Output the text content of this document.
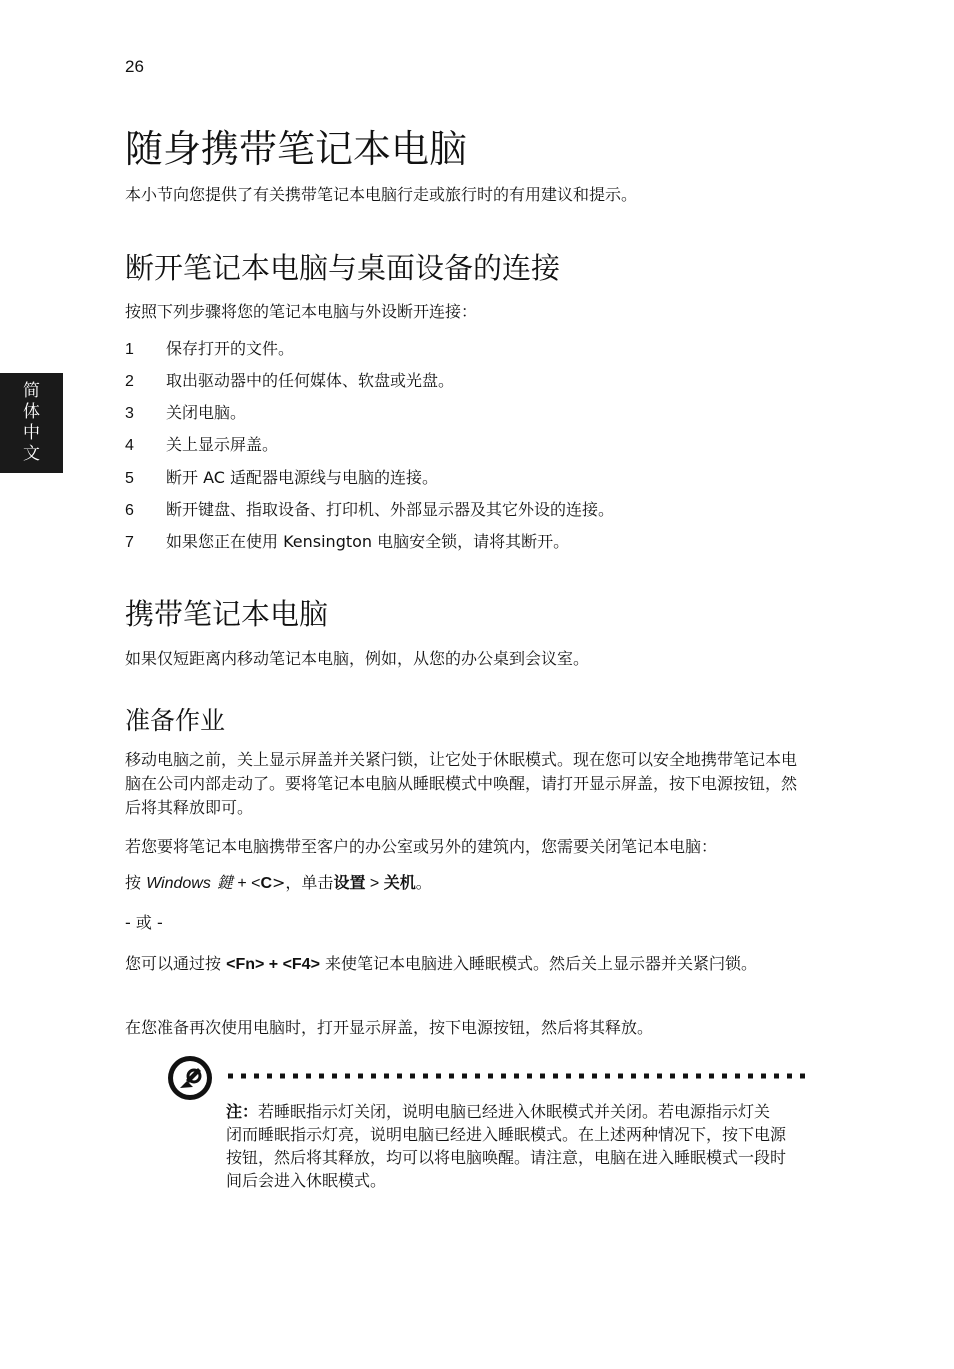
26
简
体
中
文
随身携带笔记本电脑
本小节向您提供了有关携带笔记本电脑行走或旅行时的有用建议和提示。
断开笔记本电脑与桌面设备的连接
按照下列步骤将您的笔记本电脑与外设断开连接：
1 保存打开的文件。
2 取出驱动器中的任何媒体、软盘或光盘。
3 关闭电脑。
4 关上显示屏盖。
5 断开 AC 适配器电源线与电脑的连接。
6 断开键盘、指取设备、打印机、外部显示器及其它外设的连接。
7 如果您正在使用 Kensington 电脑安全锁，请将其断开。
携带笔记本电脑
如果仅短距离内移动笔记本电脑，例如，从您的办公桌到会议室。
准备作业
移动电脑之前，关上显示屏盖并关紧闩锁，让它处于休眠模式。现在您可以安全地携带笔记本电脑在公司内部走动了。要将笔记本电脑从睡眠模式中唤醒，请打开显示屏盖，按下电源按钮，然后将其释放即可。
若您要将笔记本电脑携带至客户的办公室或另外的建筑内，您需要关闭笔记本电脑：
按 Windows 鍵 + <C>，单击设置 > 关机。
- 或 -
您可以通过按 <Fn> + <F4> 来使笔记本电脑进入睡眠模式。然后关上显示器并关紧闩锁。
在您准备再次使用电脑时，打开显示屏盖，按下电源按钮，然后将其释放。
注：若睡眠指示灯关闭，说明电脑已经进入休眠模式并关闭。若电源指示灯关闭而睡眠指示灯亮，说明电脑已经进入睡眠模式。在上述两种情况下，按下电源按钮，然后将其释放，均可以将电脑唤醒。请注意，电脑在进入睡眠模式一段时间后会进入休眠模式。
